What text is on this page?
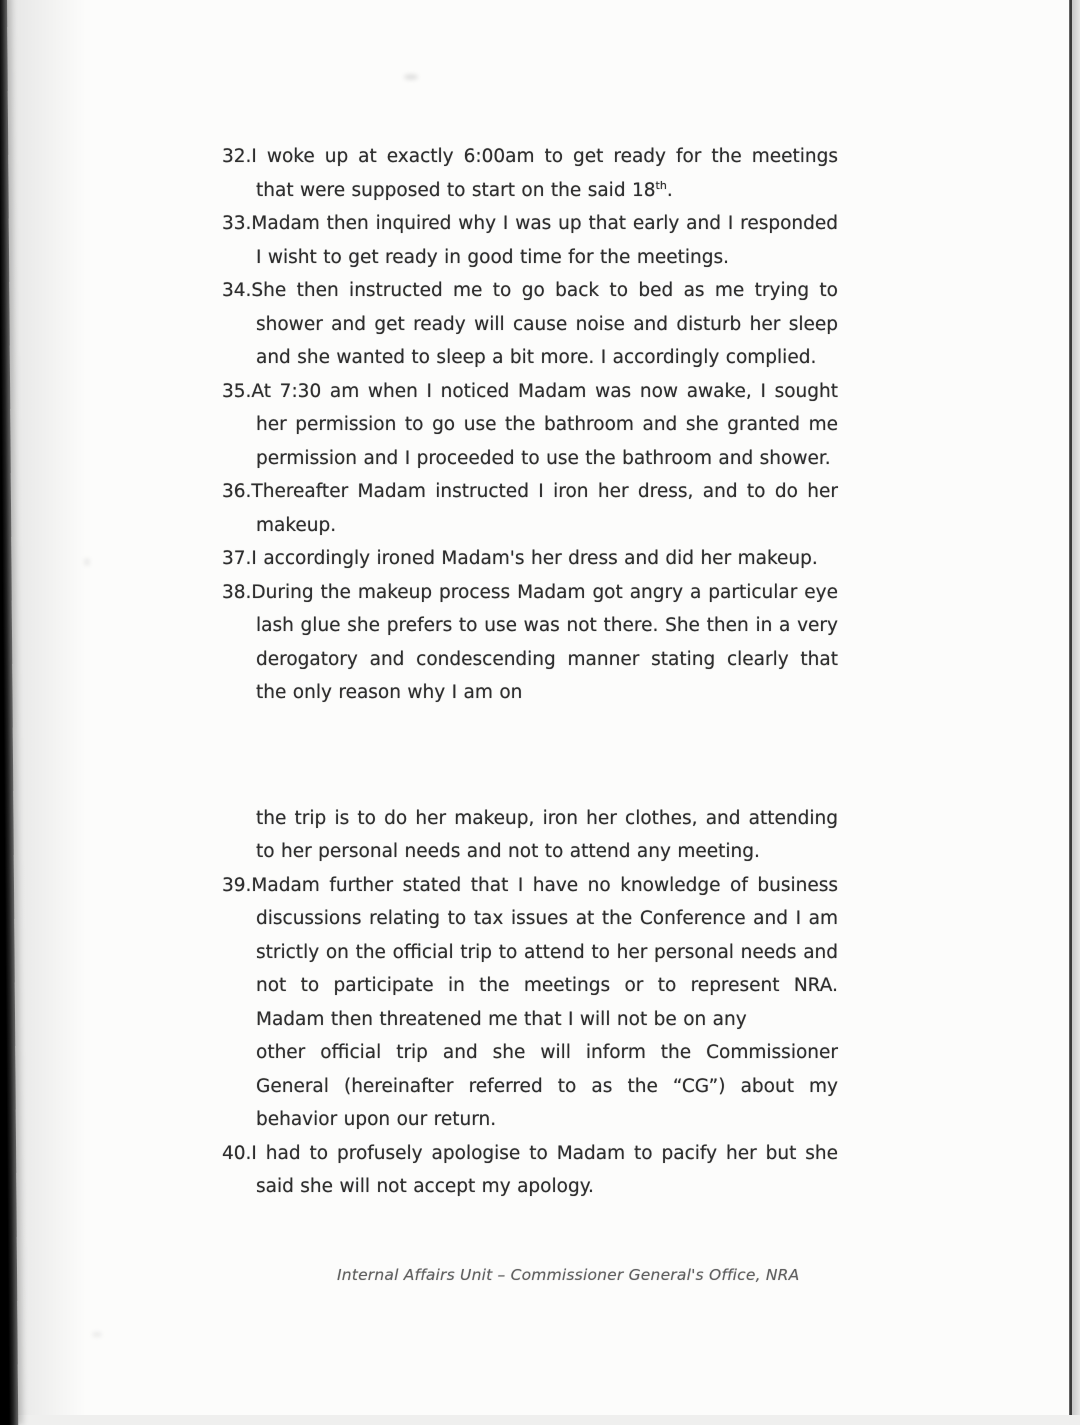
32.I woke up at exactly 6:00am to get ready for the meetings that were supposed to start on the said 18th.

33.Madam then inquired why I was up that early and I responded I wisht to get ready in good time for the meetings.

34.She then instructed me to go back to bed as me trying to shower and get ready will cause noise and disturb her sleep and she wanted to sleep a bit more. I accordingly complied.

35.At 7:30 am when I noticed Madam was now awake, I sought her permission to go use the bathroom and she granted me permission and I proceeded to use the bathroom and shower.

36.Thereafter Madam instructed I iron her dress, and to do her makeup.

37.I accordingly ironed Madam's her dress and did her makeup.

38.During the makeup process Madam got angry a particular eye lash glue she prefers to use was not there. She then in a very derogatory and condescending manner stating clearly that the only reason why I am on

the trip is to do her makeup, iron her clothes, and attending to her personal needs and not to attend any meeting.

39.Madam further stated that I have no knowledge of business discussions relating to tax issues at the Conference and I am strictly on the official trip to attend to her personal needs and not to participate in the meetings or to represent NRA. Madam then threatened me that I will not be on any

other official trip and she will inform the Commissioner General (hereinafter referred to as the “CG”) about my behavior upon our return.

40.I had to profusely apologise to Madam to pacify her but she said she will not accept my apology.

Internal Affairs Unit – Commissioner General's Office, NRA
